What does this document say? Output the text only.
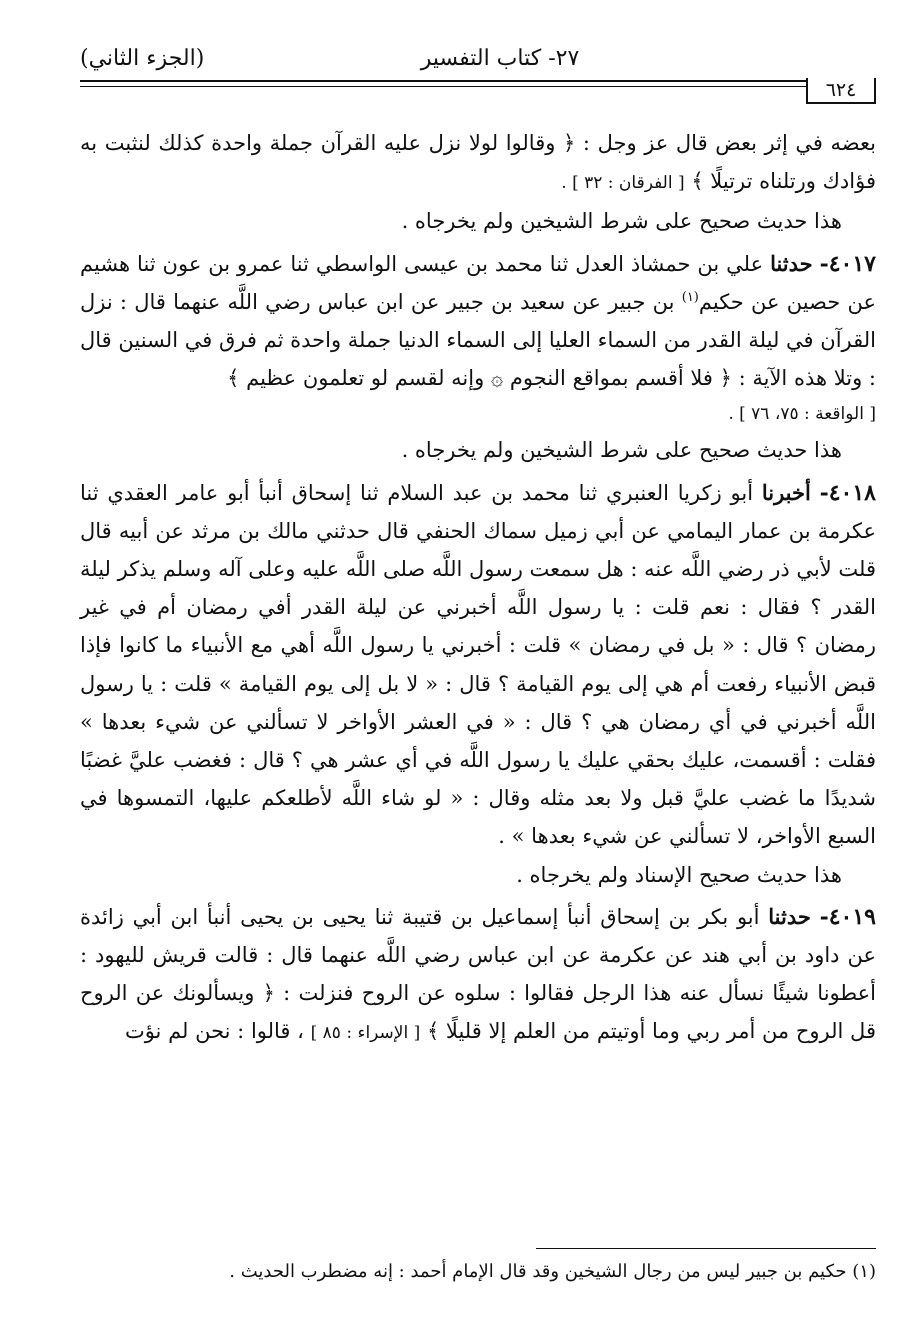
(الجزء الثاني)	٢٧- كتاب التفسير
٦٢٤

بعضه في إثر بعض قال عز وجل : ﴿ وقالوا لولا نزل عليه القرآن جملة واحدة كذلك لنثبت به فؤادك ورتلناه ترتيلًا ﴾ [ الفرقان : ٣٢ ] .

هذا حديث صحيح على شرط الشيخين ولم يخرجاه .

٤٠١٧- حدثنا علي بن حمشاذ العدل ثنا محمد بن عيسى الواسطي ثنا عمرو بن عون ثنا هشيم عن حصين عن حكيم$^{(١)}$ بن جبير عن سعيد بن جبير عن ابن عباس رضي اللَّه عنهما قال : نزل القرآن في ليلة القدر من السماء العليا إلى السماء الدنيا جملة واحدة ثم فرق في السنين قال : وتلا هذه الآية : ﴿ فلا أقسم بمواقع النجوم ۞ وإنه لقسم لو تعلمون عظيم ﴾

[ الواقعة : ٧٥، ٧٦ ] .

هذا حديث صحيح على شرط الشيخين ولم يخرجاه .

٤٠١٨- أخبرنا أبو زكريا العنبري ثنا محمد بن عبد السلام ثنا إسحاق أنبأ أبو عامر العقدي ثنا عكرمة بن عمار اليمامي عن أبي زميل سماك الحنفي قال حدثني مالك بن مرثد عن أبيه قال قلت لأبي ذر رضي اللَّه عنه : هل سمعت رسول اللَّه صلى اللَّه عليه وعلى آله وسلم يذكر ليلة القدر ؟ فقال : نعم قلت : يا رسول اللَّه أخبرني عن ليلة القدر أفي رمضان أم في غير رمضان ؟ قال : « بل في رمضان » قلت : أخبرني يا رسول اللَّه أهي مع الأنبياء ما كانوا فإذا قبض الأنبياء رفعت أم هي إلى يوم القيامة ؟ قال : « لا بل إلى يوم القيامة » قلت : يا رسول اللَّه أخبرني في أي رمضان هي ؟ قال : « في العشر الأواخر لا تسألني عن شيء بعدها » فقلت : أقسمت، عليك بحقي عليك يا رسول اللَّه في أي عشر هي ؟ قال : فغضب عليَّ غضبًا شديدًا ما غضب عليَّ قبل ولا بعد مثله وقال : « لو شاء اللَّه لأطلعكم عليها، التمسوها في السبع الأواخر، لا تسألني عن شيء بعدها » .

هذا حديث صحيح الإسناد ولم يخرجاه .

٤٠١٩- حدثنا أبو بكر بن إسحاق أنبأ إسماعيل بن قتيبة ثنا يحيى بن يحيى أنبأ ابن أبي زائدة عن داود بن أبي هند عن عكرمة عن ابن عباس رضي اللَّه عنهما قال : قالت قريش لليهود : أعطونا شيئًا نسأل عنه هذا الرجل فقالوا : سلوه عن الروح فنزلت : ﴿ ويسألونك عن الروح قل الروح من أمر ربي وما أوتيتم من العلم إلا قليلًا ﴾ [ الإسراء : ٨٥ ] ، قالوا : نحن لم نؤت

(١) حكيم بن جبير ليس من رجال الشيخين وقد قال الإمام أحمد : إنه مضطرب الحديث .
